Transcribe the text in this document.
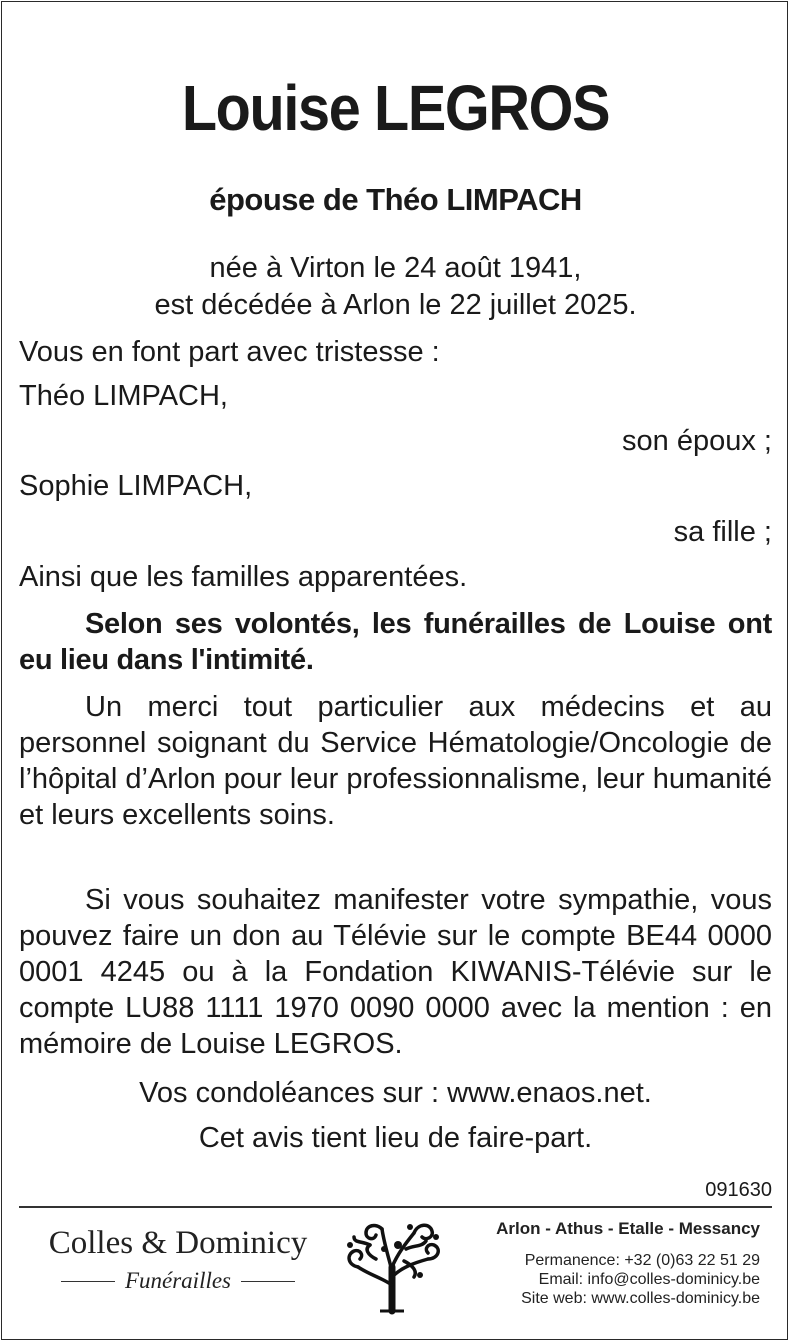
Louise LEGROS
épouse de Théo LIMPACH
née à Virton le 24 août 1941,
est décédée à Arlon le 22 juillet 2025.
Vous en font part avec tristesse :
Théo LIMPACH,
son époux ;
Sophie LIMPACH,
sa fille ;
Ainsi que les familles apparentées.
Selon ses volontés, les funérailles de Louise ont eu lieu dans l'intimité.
Un merci tout particulier aux médecins et au personnel soignant du Service Hématologie/Oncologie de l’hôpital d’Arlon pour leur professionnalisme, leur humanité et leurs excellents soins.
Si vous souhaitez manifester votre sympathie, vous pouvez faire un don au Télévie sur le compte BE44 0000 0001 4245 ou à la Fondation KIWANIS-Télévie sur le compte LU88 1111 1970 0090 0000 avec la mention : en mémoire de Louise LEGROS.
Vos condoléances sur : www.enaos.net.
Cet avis tient lieu de faire-part.
091630
Colles & Dominicy
Funérailles
Arlon - Athus - Etalle - Messancy
Permanence: +32 (0)63 22 51 29
Email: info@colles-dominicy.be
Site web: www.colles-dominicy.be
